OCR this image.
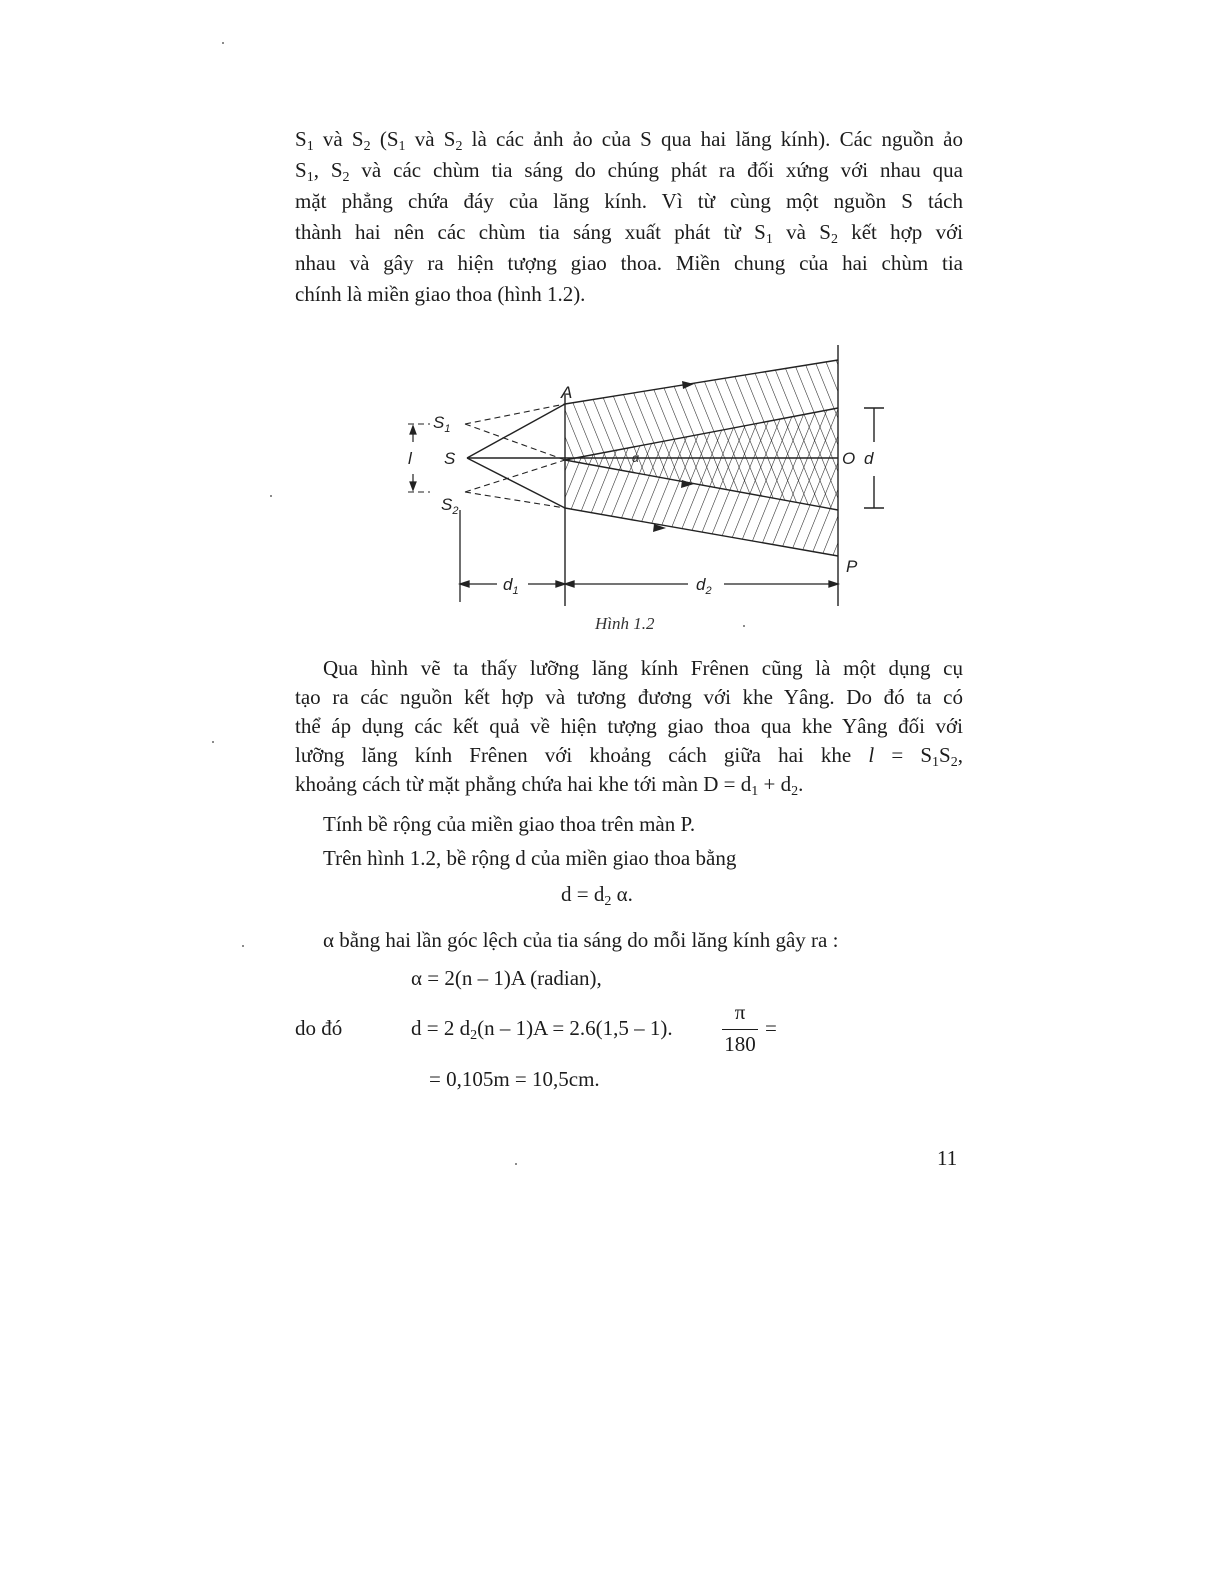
$S_1$ và $S_2$ ($S_1$ và $S_2$ là các ảnh ảo của S qua hai lăng kính). Các nguồn ảo
$S_1$, $S_2$ và các chùm tia sáng do chúng phát ra đối xứng với nhau qua
mặt phẳng chứa đáy của lăng kính. Vì từ cùng một nguồn S tách
thành hai nên các chùm tia sáng xuất phát từ $S_1$ và $S_2$ kết hợp với
nhau và gây ra hiện tượng giao thoa. Miền chung của hai chùm tia
chính là miền giao thoa (hình 1.2).
A
$S_1$
S
$S_2$
l	O d
P
$d_1$	$d_2$
α
Hình 1.2
Qua hình vẽ ta thấy lưỡng lăng kính Frênen cũng là một dụng cụ
tạo ra các nguồn kết hợp và tương đương với khe Yâng. Do đó ta có
thể áp dụng các kết quả về hiện tượng giao thoa qua khe Yâng đối với
lưỡng lăng kính Frênen với khoảng cách giữa hai khe $l = S_1S_2$,
khoảng cách từ mặt phẳng chứa hai khe tới màn $D = d_1 + d_2$.
Tính bề rộng của miền giao thoa trên màn P.
Trên hình 1.2, bề rộng d của miền giao thoa bằng
$d = d_2$ α.
α bằng hai lần góc lệch của tia sáng do mỗi lăng kính gây ra :
α = 2(n – 1)A (radian),
do đó	d = 2 $d_2(n - 1)A = 2.6(1,5 - 1)$.
π
180
=
= 0,105m = 10,5cm.
11
